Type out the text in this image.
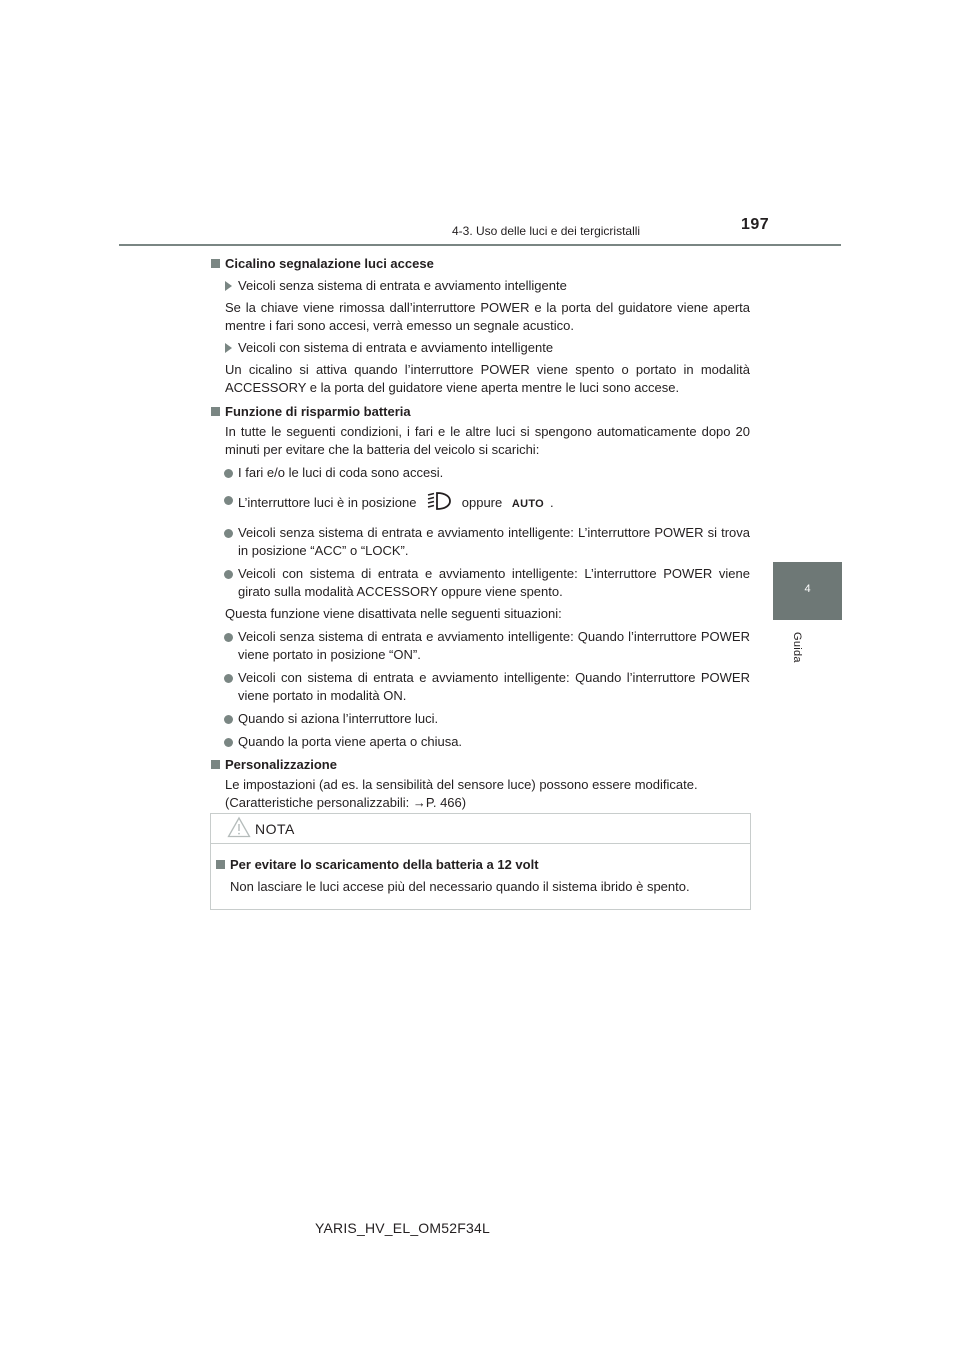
4-3. Uso delle luci e dei tergicristalli	197
4
Guida
Cicalino segnalazione luci accese
Veicoli senza sistema di entrata e avviamento intelligente
Se la chiave viene rimossa dall’interruttore POWER e la porta del guidatore viene aperta mentre i fari sono accesi, verrà emesso un segnale acustico.
Veicoli con sistema di entrata e avviamento intelligente
Un cicalino si attiva quando l’interruttore POWER viene spento o portato in modalità ACCESSORY e la porta del guidatore viene aperta mentre le luci sono accese.
Funzione di risparmio batteria
In tutte le seguenti condizioni, i fari e le altre luci si spengono automaticamente dopo 20 minuti per evitare che la batteria del veicolo si scarichi:
I fari e/o le luci di coda sono accesi.
L’interruttore luci è in posizione	oppure AUTO .
Veicoli senza sistema di entrata e avviamento intelligente: L’interruttore POWER si trova in posizione “ACC” o “LOCK”.
Veicoli con sistema di entrata e avviamento intelligente: L’interruttore POWER viene girato sulla modalità ACCESSORY oppure viene spento.
Questa funzione viene disattivata nelle seguenti situazioni:
Veicoli senza sistema di entrata e avviamento intelligente: Quando l’interruttore POWER viene portato in posizione “ON”.
Veicoli con sistema di entrata e avviamento intelligente: Quando l’interruttore POWER viene portato in modalità ON.
Quando si aziona l’interruttore luci.
Quando la porta viene aperta o chiusa.
Personalizzazione
Le impostazioni (ad es. la sensibilità del sensore luce) possono essere modificate.
(Caratteristiche personalizzabili: →P. 466)
NOTA
Per evitare lo scaricamento della batteria a 12 volt
Non lasciare le luci accese più del necessario quando il sistema ibrido è spento.
YARIS_HV_EL_OM52F34L
